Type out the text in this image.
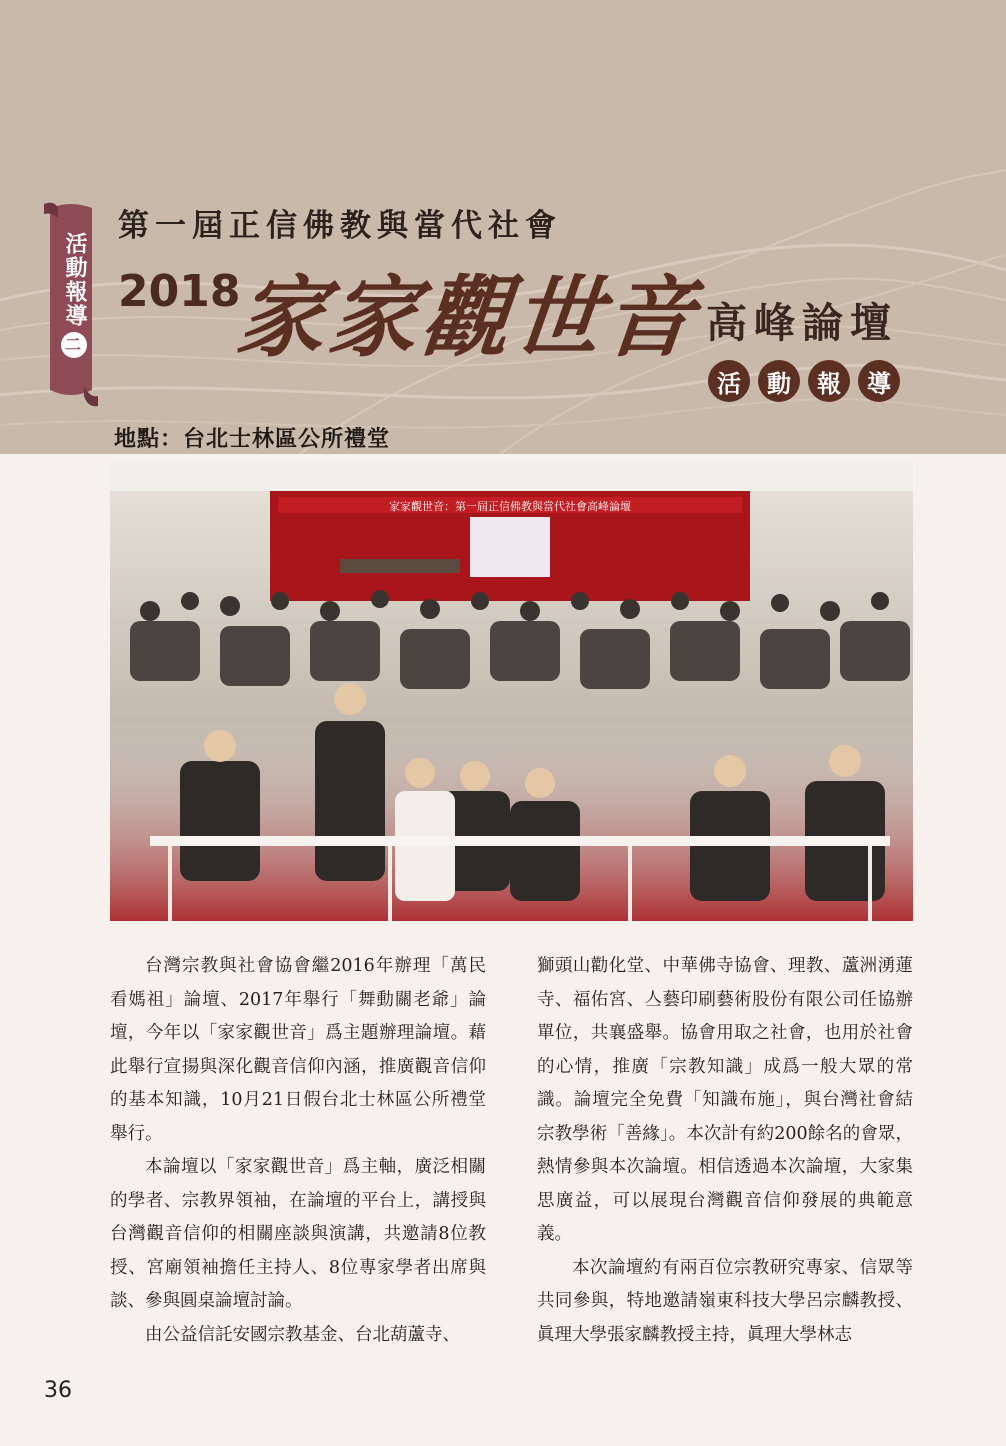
活動報導二
第一屆正信佛教與當代社會
2018
家家觀世音 高峰論壇
活	動	報	導
地點：台北士林區公所禮堂
家家觀世音：第一屆正信佛教與當代社會高峰論壇

台灣宗教與社會協會繼2016年辦理「萬民看媽祖」論壇、2017年舉行「舞動關老爺」論壇，今年以「家家觀世音」爲主題辦理論壇。藉此舉行宣揚與深化觀音信仰內涵，推廣觀音信仰的基本知識，10月21日假台北士林區公所禮堂舉行。

本論壇以「家家觀世音」爲主軸，廣泛相關的學者、宗教界領袖，在論壇的平台上，講授與台灣觀音信仰的相關座談與演講，共邀請8位教授、宮廟領袖擔任主持人、8位專家學者出席與談、參與圓桌論壇討論。

由公益信託安國宗教基金、台北葫蘆寺、

獅頭山勸化堂、中華佛寺協會、理教、蘆洲湧蓮寺、福佑宮、亼藝印刷藝術股份有限公司任協辦單位，共襄盛舉。協會用取之社會，也用於社會的心情，推廣「宗教知識」成爲一般大眾的常識。論壇完全免費「知識布施」，與台灣社會結宗教學術「善緣」。本次計有約200餘名的會眾，熱情參與本次論壇。相信透過本次論壇，大家集思廣益，可以展現台灣觀音信仰發展的典範意義。

本次論壇約有兩百位宗教研究專家、信眾等共同參與，特地邀請嶺東科技大學呂宗麟教授、眞理大學張家麟教授主持，眞理大學林志

36
